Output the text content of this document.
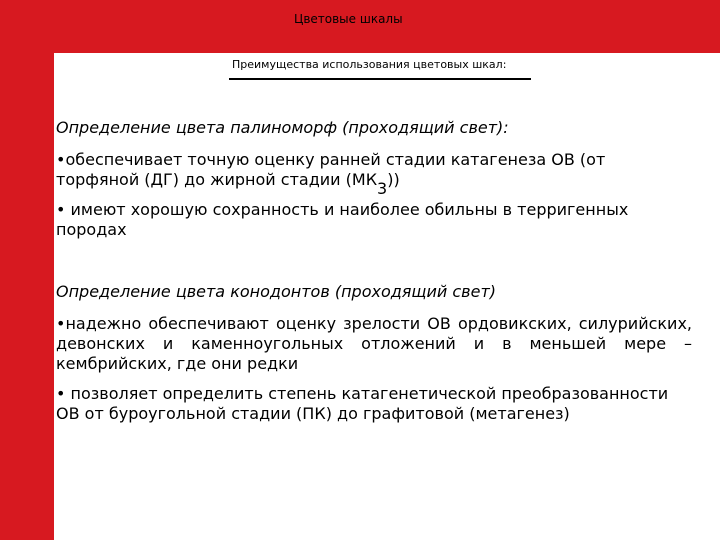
Цветовые шкалы
Преимущества использования цветовых шкал:

Определение цвета палиноморф (проходящий свет):

•обеспечивает точную оценку ранней стадии катагенеза ОВ (от торфяной (ДГ) до жирной стадии $(МК_3)$)

• имеют хорошую сохранность и наиболее обильны в терригенных породах

Определение цвета конодонтов (проходящий свет)

•надежно обеспечивают оценку зрелости ОВ ордовикских, силурийских, девонских и каменноугольных отложений и в меньшей мере – кембрийских, где они редки

• позволяет определить степень катагенетической преобразованности ОВ от буроугольной стадии (ПК) до графитовой (метагенез)
